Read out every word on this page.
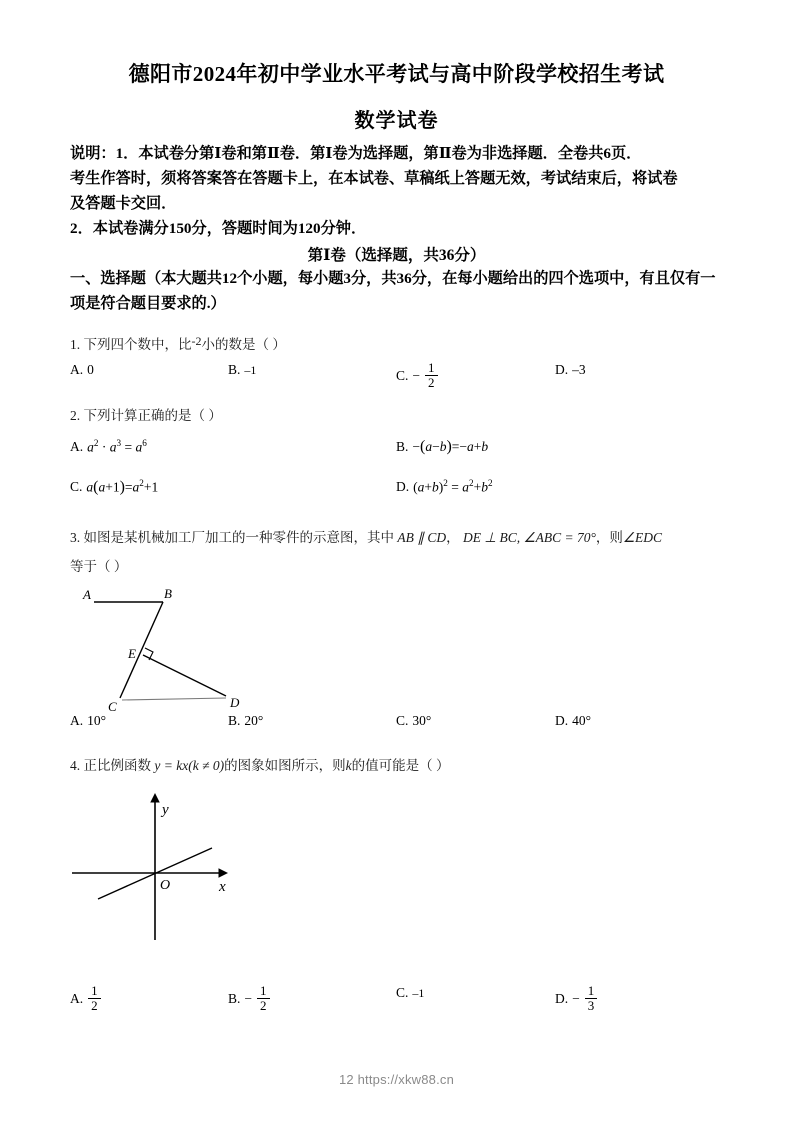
德阳市2024年初中学业水平考试与高中阶段学校招生考试
数学试卷

说明：1．本试卷分第Ⅰ卷和第Ⅱ卷．第Ⅰ卷为选择题，第Ⅱ卷为非选择题．全卷共6页．

考生作答时，须将答案答在答题卡上，在本试卷、草稿纸上答题无效，考试结束后，将试卷

及答题卡交回．

2．本试卷满分150分，答题时间为120分钟．

第Ⅰ卷（选择题，共36分）
一、选择题（本大题共12个小题，每小题3分，共36分，在每小题给出的四个选项中，有且仅有一项是符合题目要求的.）
1. 下列四个数中，比-2小的数是（ ）
A. 0	B. –1	C. − $\frac{1}{2}$	D. –3
2. 下列计算正确的是（ ）
A. $a^2 \cdot a^3 = a^6$	B. −(a−b)=−a+b
C. $a(a+1)=a^2+1$	D. $(a+b)^2 = a^2+b^2$
3. 如图是某机械加工厂加工的一种零件的示意图，其中 AB ∥ CD， DE ⊥ BC, ∠ABC = 70°，则∠EDC
等于（ ）
A	B
C	D
E
A. 10°	B. 20°	C. 30°	D. 40°
4. 正比例函数 y = kx(k ≠ 0)的图象如图所示，则k的值可能是（ ）
y
x
O
A. $\frac{1}{2}$	B. − $\frac{1}{2}$	C. –1	D. − $\frac{1}{3}$
12 https://xkw88.cn
